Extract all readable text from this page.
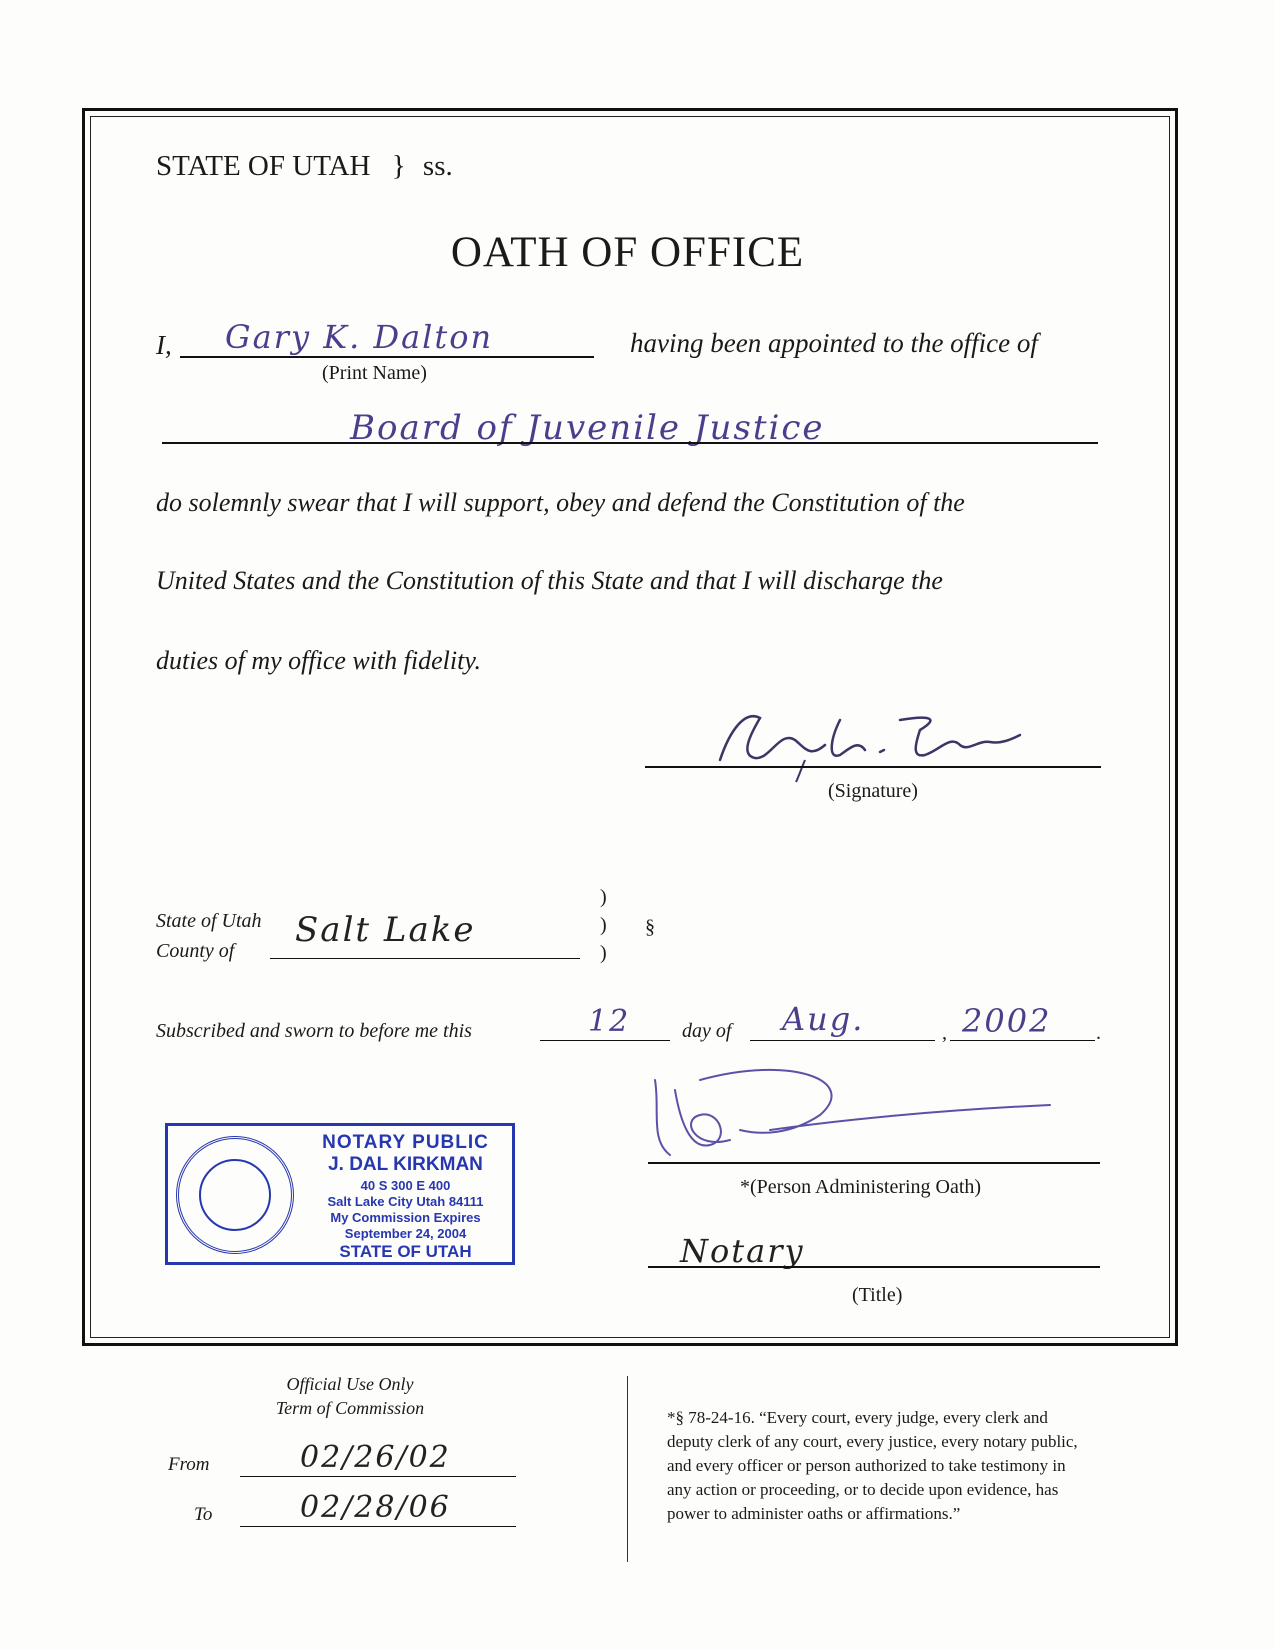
STATE OF UTAH } ss.
OATH OF OFFICE
I, Gary K. Dalton	having been appointed to the office of
(Print Name)
Board of Juvenile Justice
do solemnly swear that I will support, obey and defend the Constitution of the
United States and the Constitution of this State and that I will discharge the
duties of my office with fidelity.
(Signature)
State of Utah
County of
Salt Lake
)
)
)
§
Subscribed and sworn to before me this	12	day of Aug.	, 2002 .
NOTARY PUBLIC
J. DAL KIRKMAN
40 S 300 E 400
Salt Lake City Utah 84111
My Commission Expires
September 24, 2004
STATE OF UTAH
*(Person Administering Oath)
Notary
(Title)
Official Use Only
Term of Commission
From	02/26/02
To	02/28/06
*§ 78-24-16. “Every court, every judge, every clerk and
deputy clerk of any court, every justice, every notary public,
and every officer or person authorized to take testimony in
any action or proceeding, or to decide upon evidence, has
power to administer oaths or affirmations.”
